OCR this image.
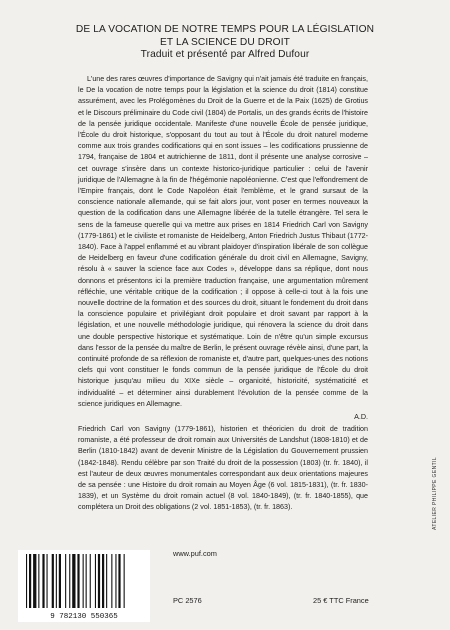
DE LA VOCATION DE NOTRE TEMPS POUR LA LÉGISLATION
ET LA SCIENCE DU DROIT
Traduit et présenté par Alfred Dufour

L'une des rares œuvres d'importance de Savigny qui n'ait jamais été traduite en français, le De la vocation de notre temps pour la législation et la science du droit (1814) constitue assurément, avec les Prolégomènes du Droit de la Guerre et de la Paix (1625) de Grotius et le Discours préliminaire du Code civil (1804) de Portalis, un des grands écrits de l'histoire de la pensée juridique occidentale. Manifeste d'une nouvelle École de pensée juridique, l'École du droit historique, s'opposant du tout au tout à l'École du droit naturel moderne comme aux trois grandes codifications qui en sont issues – les codifications prussienne de 1794, française de 1804 et autrichienne de 1811, dont il présente une analyse corrosive – cet ouvrage s'insère dans un contexte historico-juridique particulier : celui de l'avenir juridique de l'Allemagne à la fin de l'hégémonie napoléonienne. C'est que l'effondrement de l'Empire français, dont le Code Napoléon était l'emblème, et le grand sursaut de la conscience nationale allemande, qui se fait alors jour, vont poser en termes nouveaux la question de la codification dans une Allemagne libérée de la tutelle étrangère. Tel sera le sens de la fameuse querelle qui va mettre aux prises en 1814 Friedrich Carl von Savigny (1779-1861) et le civiliste et romaniste de Heidelberg, Anton Friedrich Justus Thibaut (1772-1840). Face à l'appel enflammé et au vibrant plaidoyer d'inspiration libérale de son collègue de Heidelberg en faveur d'une codification générale du droit civil en Allemagne, Savigny, résolu à « sauver la science face aux Codes », développe dans sa réplique, dont nous donnons et présentons ici la première traduction française, une argumentation mûrement réfléchie, une véritable critique de la codification ; il oppose à celle-ci tout à la fois une nouvelle doctrine de la formation et des sources du droit, situant le fondement du droit dans la conscience populaire et privilégiant droit populaire et droit savant par rapport à la législation, et une nouvelle méthodologie juridique, qui rénovera la science du droit dans une double perspective historique et systématique. Loin de n'être qu'un simple excursus dans l'essor de la pensée du maître de Berlin, le présent ouvrage révèle ainsi, d'une part, la continuité profonde de sa réflexion de romaniste et, d'autre part, quelques-unes des notions clefs qui vont constituer le fonds commun de la pensée juridique de l'École du droit historique jusqu'au milieu du XIXe siècle – organicité, historicité, systématicité et individualité – et déterminer ainsi durablement l'évolution de la pensée comme de la science juridiques en Allemagne.

A.D.

Friedrich Carl von Savigny (1779-1861), historien et théoricien du droit de tradition romaniste, a été professeur de droit romain aux Universités de Landshut (1808-1810) et de Berlin (1810-1842) avant de devenir Ministre de la Législation du Gouvernement prussien (1842-1848). Rendu célèbre par son Traité du droit de la possession (1803) (tr. fr. 1840), il est l'auteur de deux œuvres monumentales correspondant aux deux orientations majeures de sa pensée : une Histoire du droit romain au Moyen Âge (6 vol. 1815-1831), (tr. fr. 1830-1839), et un Système du droit romain actuel (8 vol. 1840-1849), (tr. fr. 1840-1855), que complétera un Droit des obligations (2 vol. 1851-1853), (tr. fr. 1863).

www.puf.com
9 782130 550365
PC 2576	25 € TTC France
ATELIER PHILIPPE GENTIL
